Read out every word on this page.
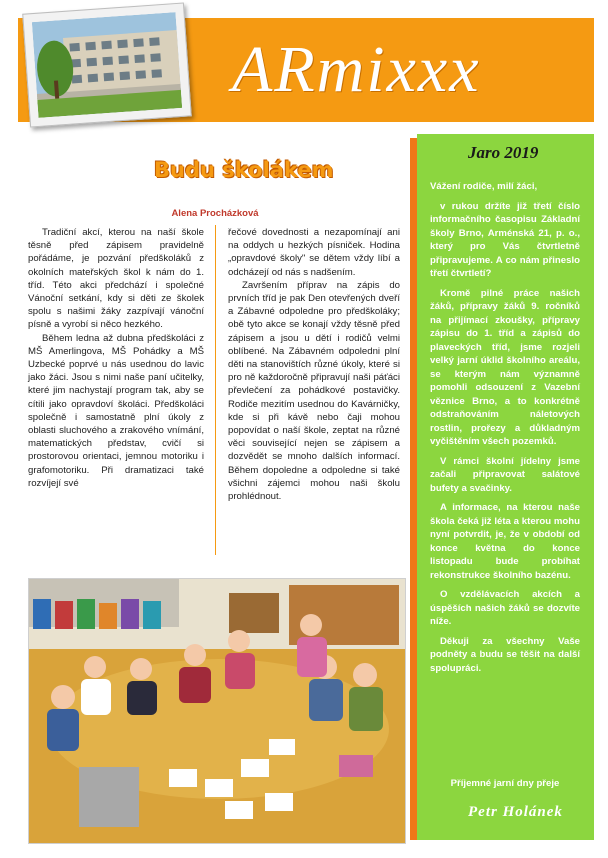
ARmixxx
Budu školákem
Alena Procházková

Tradiční akcí, kterou na naší škole těsně před zápisem pravidelně pořádáme, je pozvání předškoláků z okolních mateřských škol k nám do 1. tříd. Této akci předchází i společné Vánoční setkání, kdy si děti ze školek spolu s našimi žáky zazpívají vánoční písně a vyrobí si něco hezkého.

Během ledna až dubna předškoláci z MŠ Amerlingova, MŠ Pohádky a MŠ Uzbecké poprvé u nás usednou do lavic jako žáci. Jsou s nimi naše paní učitelky, které jim nachystají program tak, aby se cítili jako opravdoví školáci. Předškoláci společně i samostatně plní úkoly z oblasti sluchového a zrakového vnímání, matematických představ, cvičí si prostorovou orientaci, jemnou motoriku i grafomotoriku. Při dramatizaci také rozvíjejí své

řečové dovednosti a nezapomínají ani na oddych u hezkých písniček. Hodina „opravdové školy" se dětem vždy líbí a odcházejí od nás s nadšením.

Završením příprav na zápis do prvních tříd je pak Den otevřených dveří a Zábavné odpoledne pro předškoláky; obě tyto akce se konají vždy těsně před zápisem a jsou u dětí i rodičů velmi oblíbené. Na Zábavném odpoledni plní děti na stanovištích různé úkoly, které si pro ně každoročně připravují naši páťáci převlečení za pohádkové postavičky. Rodiče mezitím usednou do Kavárničky, kde si při kávě nebo čaji mohou popovídat o naší škole, zeptat na různé věci související nejen se zápisem a dozvědět se mnoho dalších informací. Během dopoledne a odpoledne si také všichni zájemci mohou naši školu prohlédnout.

Jaro 2019

Vážení rodiče, milí žáci,

v rukou držíte již třetí číslo informačního časopisu Základní školy Brno, Arménská 21, p. o., který pro Vás čtvrtletně připravujeme. A co nám přineslo třetí čtvrtletí?

Kromě pilné práce našich žáků, přípravy žáků 9. ročníků na přijímací zkoušky, přípravy zápisu do 1. tříd a zápisů do plaveckých tříd, jsme rozjeli velký jarní úklid školního areálu, se kterým nám významně pomohli odsouzení z Vazební věznice Brno, a to konkrétně odstraňováním náletových rostlin, prořezy a důkladným vyčištěním všech pozemků.

V rámci školní jídelny jsme začali připravovat salátové bufety a svačinky.

A informace, na kterou naše škola čeká již léta a kterou mohu nyní potvrdit, je, že v období od konce května do konce listopadu bude probíhat rekonstrukce školního bazénu.

O vzdělávacích akcích a úspěších našich žáků se dozvíte níže.

Děkuji za všechny Vaše podněty a budu se těšit na další spolupráci.

Příjemné jarní dny přeje
Petr Holánek
